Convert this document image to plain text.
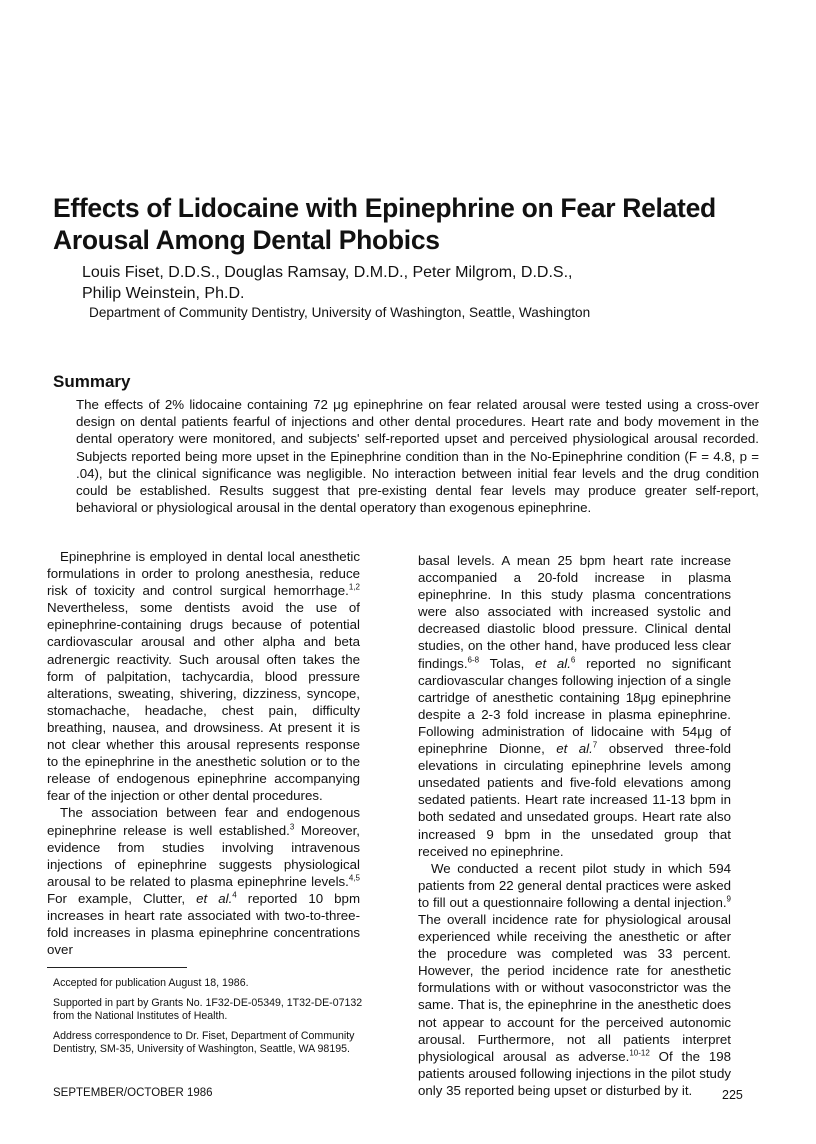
Effects of Lidocaine with Epinephrine on Fear Related Arousal Among Dental Phobics
Louis Fiset, D.D.S., Douglas Ramsay, D.M.D., Peter Milgrom, D.D.S.,
Philip Weinstein, Ph.D.

Department of Community Dentistry, University of Washington, Seattle, Washington

Summary

The effects of 2% lidocaine containing 72 μg epinephrine on fear related arousal were tested using a cross-over design on dental patients fearful of injections and other dental procedures. Heart rate and body movement in the dental operatory were monitored, and subjects' self-reported upset and perceived physiological arousal recorded. Subjects reported being more upset in the Epinephrine condition than in the No-Epinephrine condition (F = 4.8, p = .04), but the clinical significance was negligible. No interaction between initial fear levels and the drug condition could be established. Results suggest that pre-existing dental fear levels may produce greater self-report, behavioral or physiological arousal in the dental operatory than exogenous epinephrine.

Epinephrine is employed in dental local anesthetic formulations in order to prolong anesthesia, reduce risk of toxicity and control surgical hemorrhage.$^{1,2}$ Nevertheless, some dentists avoid the use of epinephrine-containing drugs because of potential cardiovascular arousal and other alpha and beta adrenergic reactivity. Such arousal often takes the form of palpitation, tachycardia, blood pressure alterations, sweating, shivering, dizziness, syncope, stomachache, headache, chest pain, difficulty breathing, nausea, and drowsiness. At present it is not clear whether this arousal represents response to the epinephrine in the anesthetic solution or to the release of endogenous epinephrine accompanying fear of the injection or other dental procedures.

The association between fear and endogenous epinephrine release is well established.$^3$ Moreover, evidence from studies involving intravenous injections of epinephrine suggests physiological arousal to be related to plasma epinephrine levels.$^{4,5}$ For example, Clutter, et al.$^4$ reported 10 bpm increases in heart rate associated with two-to-three-fold increases in plasma epinephrine concentrations over

basal levels. A mean 25 bpm heart rate increase accompanied a 20-fold increase in plasma epinephrine. In this study plasma concentrations were also associated with increased systolic and decreased diastolic blood pressure. Clinical dental studies, on the other hand, have produced less clear findings.$^{6-8}$ Tolas, et al.$^6$ reported no significant cardiovascular changes following injection of a single cartridge of anesthetic containing 18μg epinephrine despite a 2-3 fold increase in plasma epinephrine. Following administration of lidocaine with 54μg of epinephrine Dionne, et al.$^7$ observed three-fold elevations in circulating epinephrine levels among unsedated patients and five-fold elevations among sedated patients. Heart rate increased 11-13 bpm in both sedated and unsedated groups. Heart rate also increased 9 bpm in the unsedated group that received no epinephrine.

We conducted a recent pilot study in which 594 patients from 22 general dental practices were asked to fill out a questionnaire following a dental injection.$^9$ The overall incidence rate for physiological arousal experienced while receiving the anesthetic or after the procedure was completed was 33 percent. However, the period incidence rate for anesthetic formulations with or without vasoconstrictor was the same. That is, the epinephrine in the anesthetic does not appear to account for the perceived autonomic arousal. Furthermore, not all patients interpret physiological arousal as adverse.$^{10-12}$ Of the 198 patients aroused following injections in the pilot study only 35 reported being upset or disturbed by it.

Accepted for publication August 18, 1986.

Supported in part by Grants No. 1F32-DE-05349, 1T32-DE-07132 from the National Institutes of Health.

Address correspondence to Dr. Fiset, Department of Community Dentistry, SM-35, University of Washington, Seattle, WA 98195.

SEPTEMBER/OCTOBER 1986	225
